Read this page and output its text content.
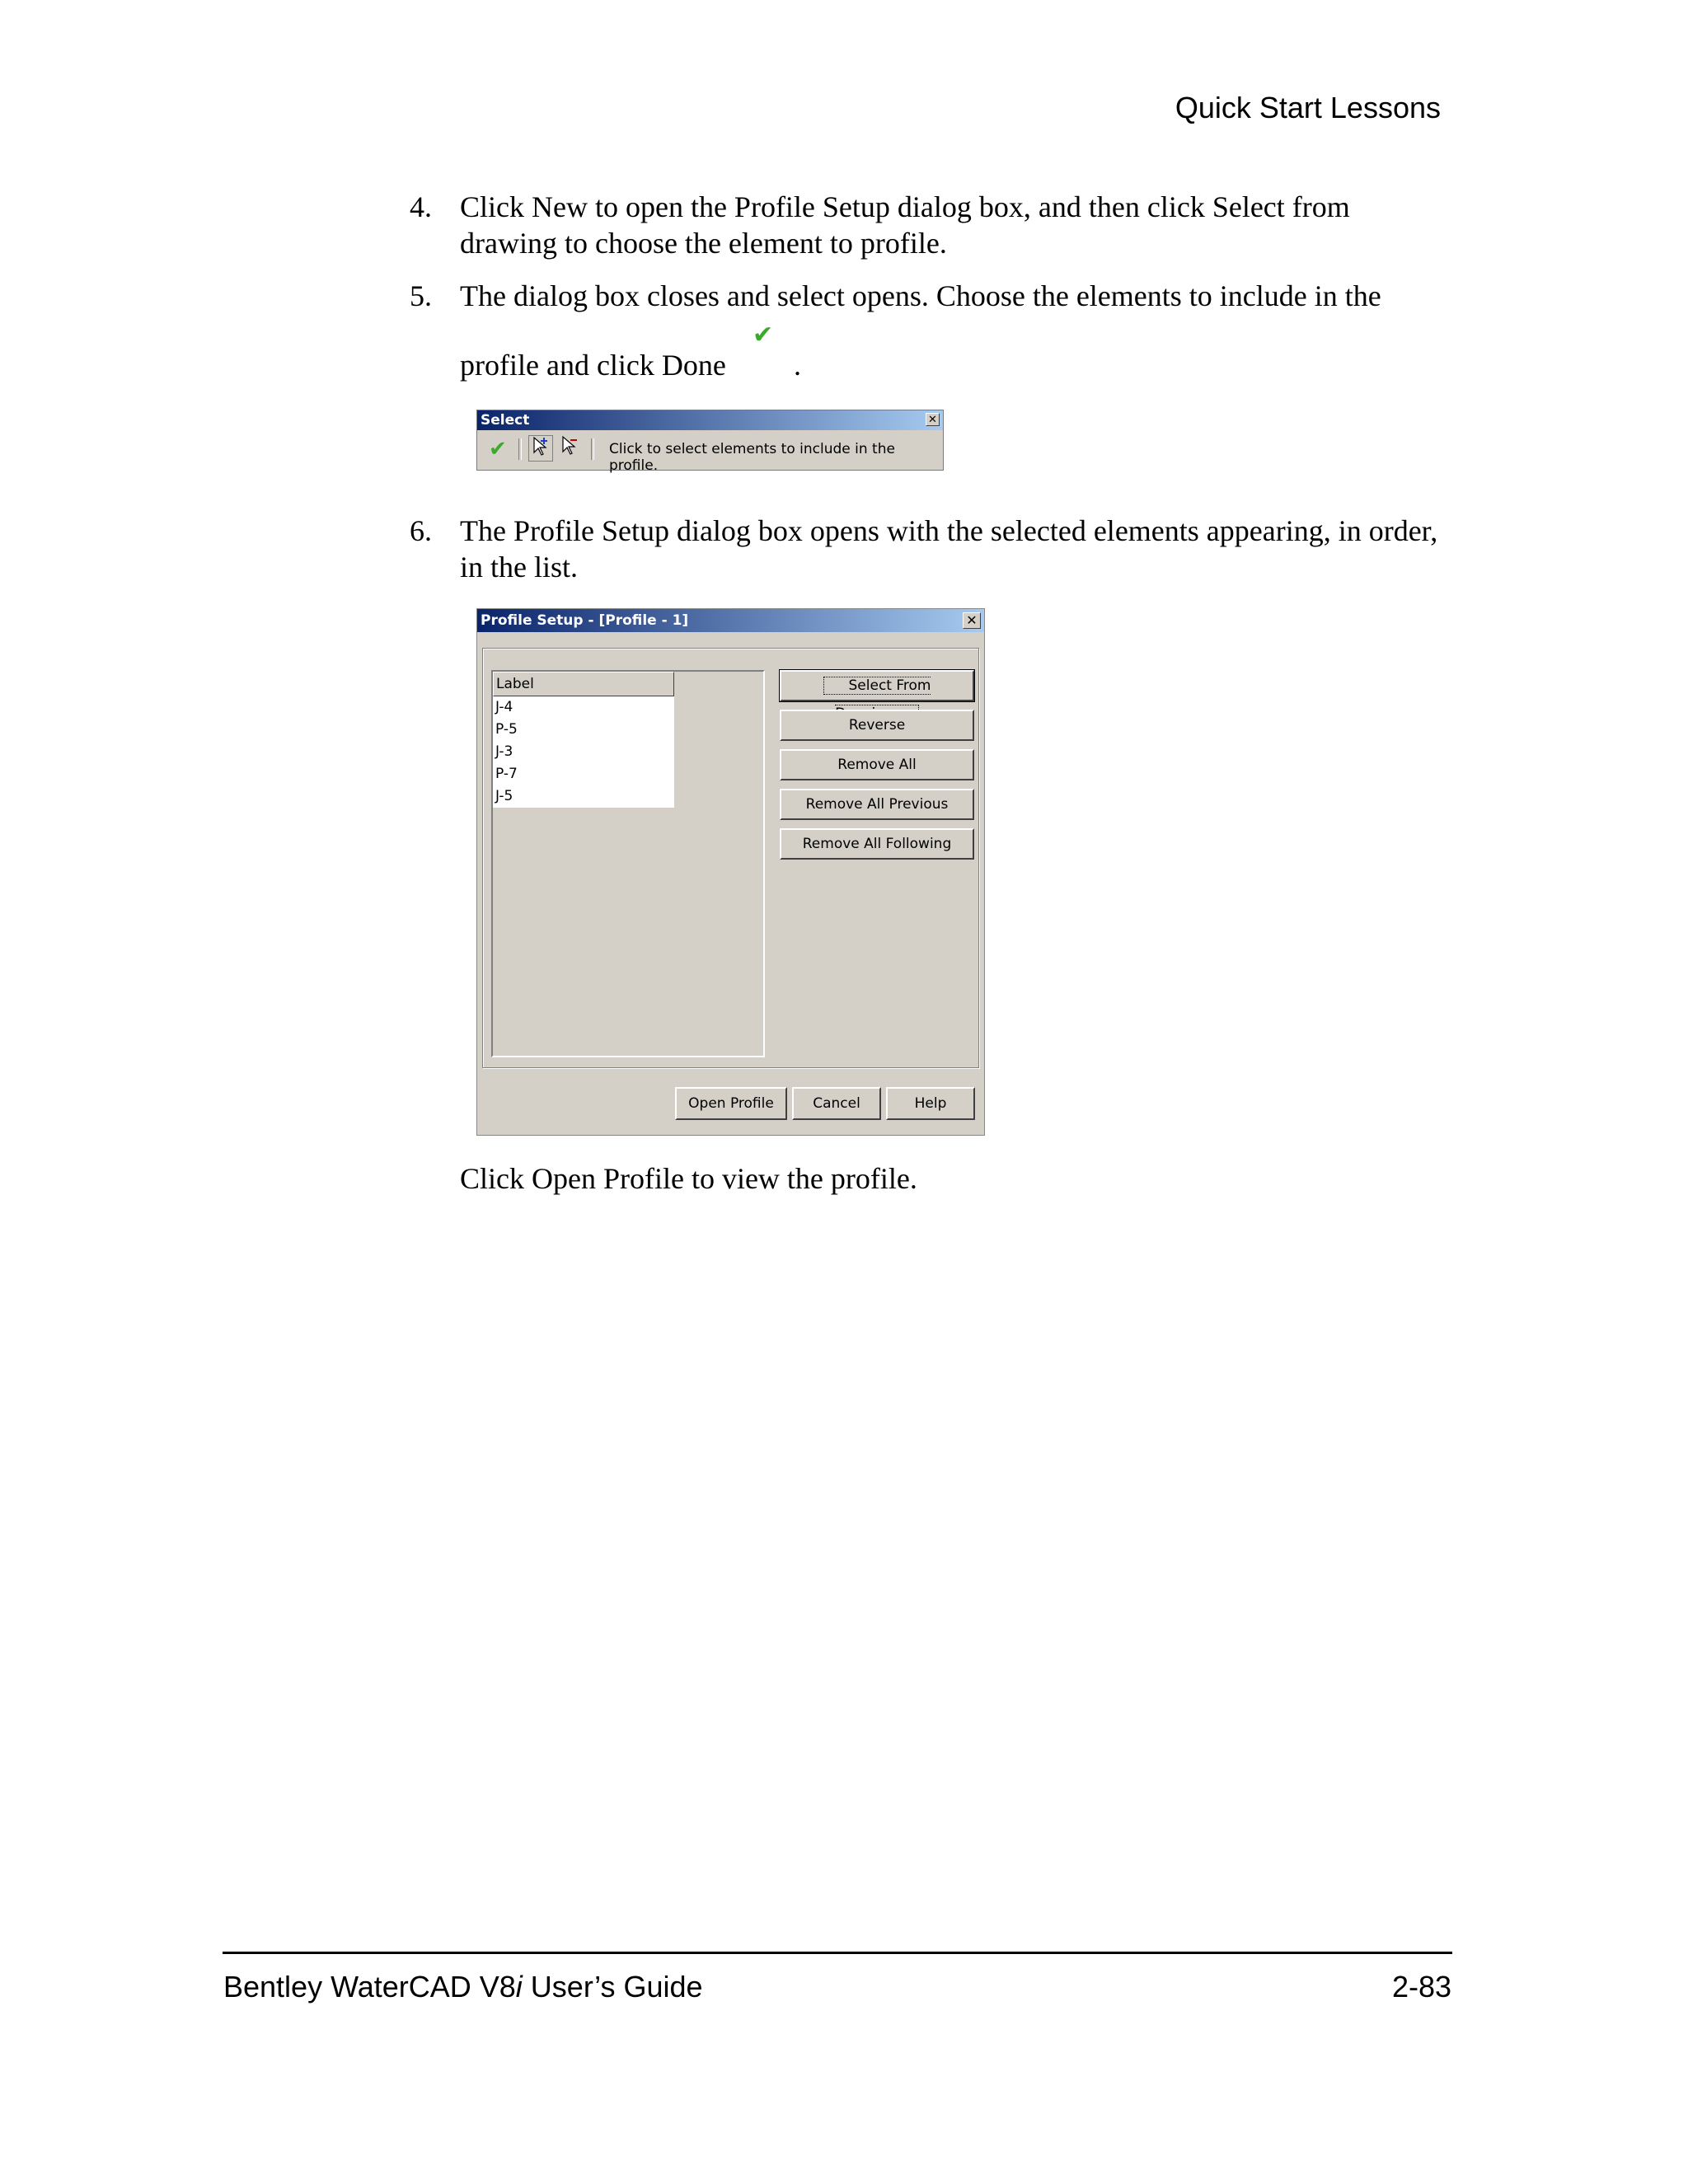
Quick Start Lessons
4. Click New to open the Profile Setup dialog box, and then click Select from
drawing to choose the element to profile.
5. The dialog box closes and select opens. Choose the elements to include in the
profile and click Done
✔
.
Select	✕
✔	Click to select elements to include in the profile.
6. The Profile Setup dialog box opens with the selected elements appearing, in order,
in the list.
Profile Setup - [Profile - 1]	✕
Label
J-4
P-5
J-3
P-7
J-5
Select From
Reverse
Remove All
Remove All Previous
Remove All Following
Open Profile	Cancel	Help
Click Open Profile to view the profile.
Bentley WaterCAD V8i User’s Guide	2-83
